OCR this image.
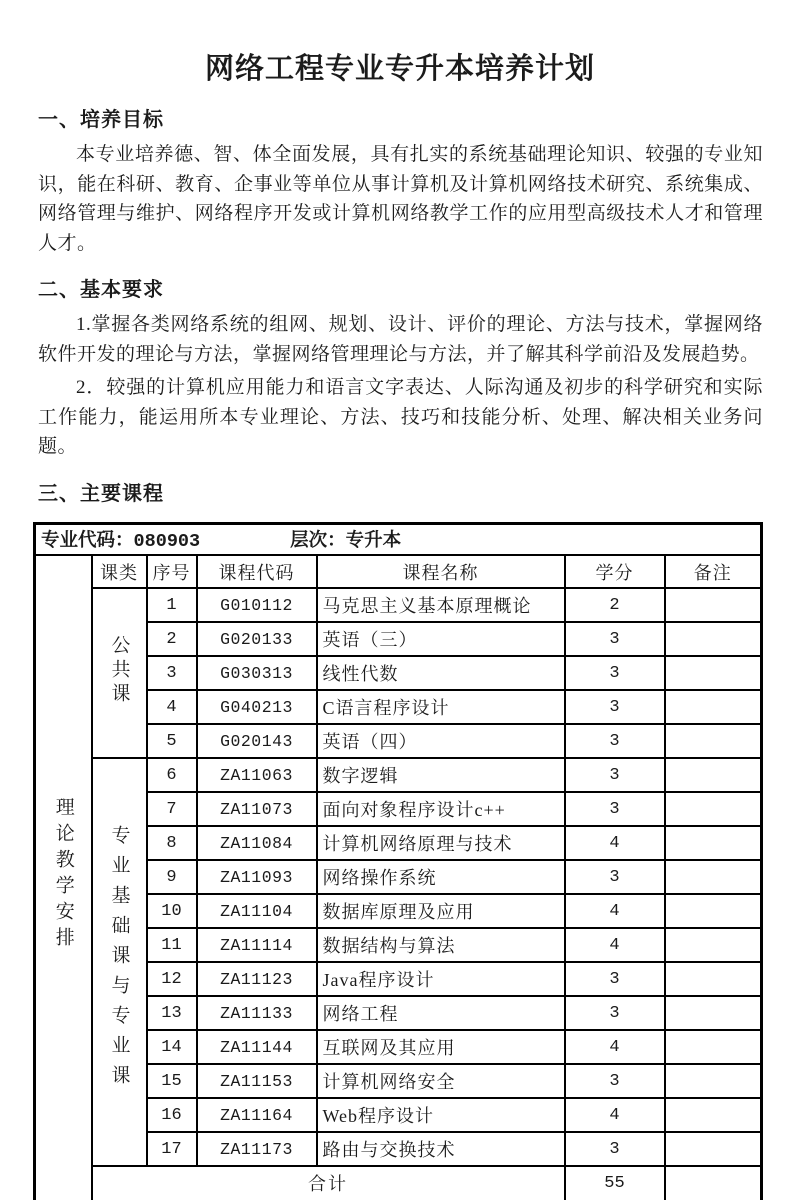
网络工程专业专升本培养计划
一、培养目标

本专业培养德、智、体全面发展，具有扎实的系统基础理论知识、较强的专业知识，能在科研、教育、企事业等单位从事计算机及计算机网络技术研究、系统集成、网络管理与维护、网络程序开发或计算机网络教学工作的应用型高级技术人才和管理人才。

二、基本要求

1.掌握各类网络系统的组网、规划、设计、评价的理论、方法与技术，掌握网络软件开发的理论与方法，掌握网络管理理论与方法，并了解其科学前沿及发展趋势。

2．较强的计算机应用能力和语言文字表达、人际沟通及初步的科学研究和实际工作能力，能运用所本专业理论、方法、技巧和技能分析、处理、解决相关业务问题。

三、主要课程
专业代码：080903 层次：专升本						
理论教学安排	课类	序号	课程代码	课程名称	学分	备注
	公共课	1	G010112	马克思主义基本原理概论	2	
		2	G020133	英语（三）	3	
		3	G030313	线性代数	3	
		4	G040213	C语言程序设计	3	
		5	G020143	英语（四）	3	
	专业基础课与专业课	6	ZA11063	数字逻辑	3	
		7	ZA11073	面向对象程序设计c++	3	
		8	ZA11084	计算机网络原理与技术	4	
		9	ZA11093	网络操作系统	3	
		10	ZA11104	数据库原理及应用	4	
		11	ZA11114	数据结构与算法	4	
		12	ZA11123	Java程序设计	3	
		13	ZA11133	网络工程	3	
		14	ZA11144	互联网及其应用	4	
		15	ZA11153	计算机网络安全	3	
		16	ZA11164	Web程序设计	4	
		17	ZA11173	路由与交换技术	3	
	合计				55	
